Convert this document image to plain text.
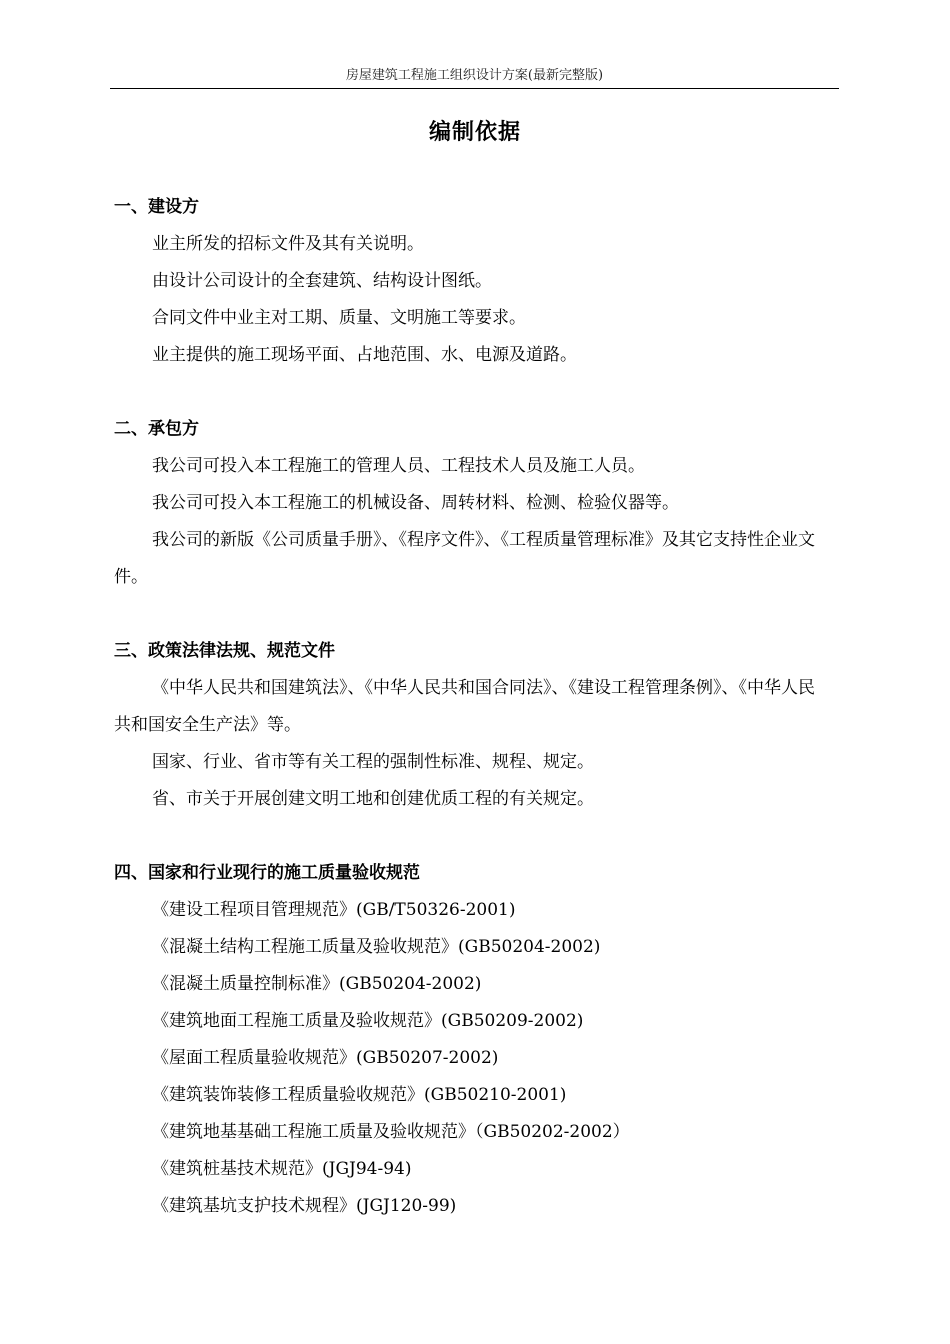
房屋建筑工程施工组织设计方案(最新完整版)
编制依据
一、建设方

业主所发的招标文件及其有关说明。

由设计公司设计的全套建筑、结构设计图纸。

合同文件中业主对工期、质量、文明施工等要求。

业主提供的施工现场平面、占地范围、水、电源及道路。

二、承包方

我公司可投入本工程施工的管理人员、工程技术人员及施工人员。

我公司可投入本工程施工的机械设备、周转材料、检测、检验仪器等。

我公司的新版《公司质量手册》、《程序文件》、《工程质量管理标准》及其它支持性企业文件。

三、政策法律法规、规范文件

《中华人民共和国建筑法》、《中华人民共和国合同法》、《建设工程管理条例》、《中华人民共和国安全生产法》等。

国家、行业、省市等有关工程的强制性标准、规程、规定。

省、市关于开展创建文明工地和创建优质工程的有关规定。

四、国家和行业现行的施工质量验收规范
《建设工程项目管理规范》(GB/T50326-2001)
《混凝土结构工程施工质量及验收规范》(GB50204-2002)
《混凝土质量控制标准》(GB50204-2002)
《建筑地面工程施工质量及验收规范》(GB50209-2002)
《屋面工程质量验收规范》(GB50207-2002)
《建筑装饰装修工程质量验收规范》(GB50210-2001)
《建筑地基基础工程施工质量及验收规范》（GB50202-2002）
《建筑桩基技术规范》(JGJ94-94)
《建筑基坑支护技术规程》(JGJ120-99)
